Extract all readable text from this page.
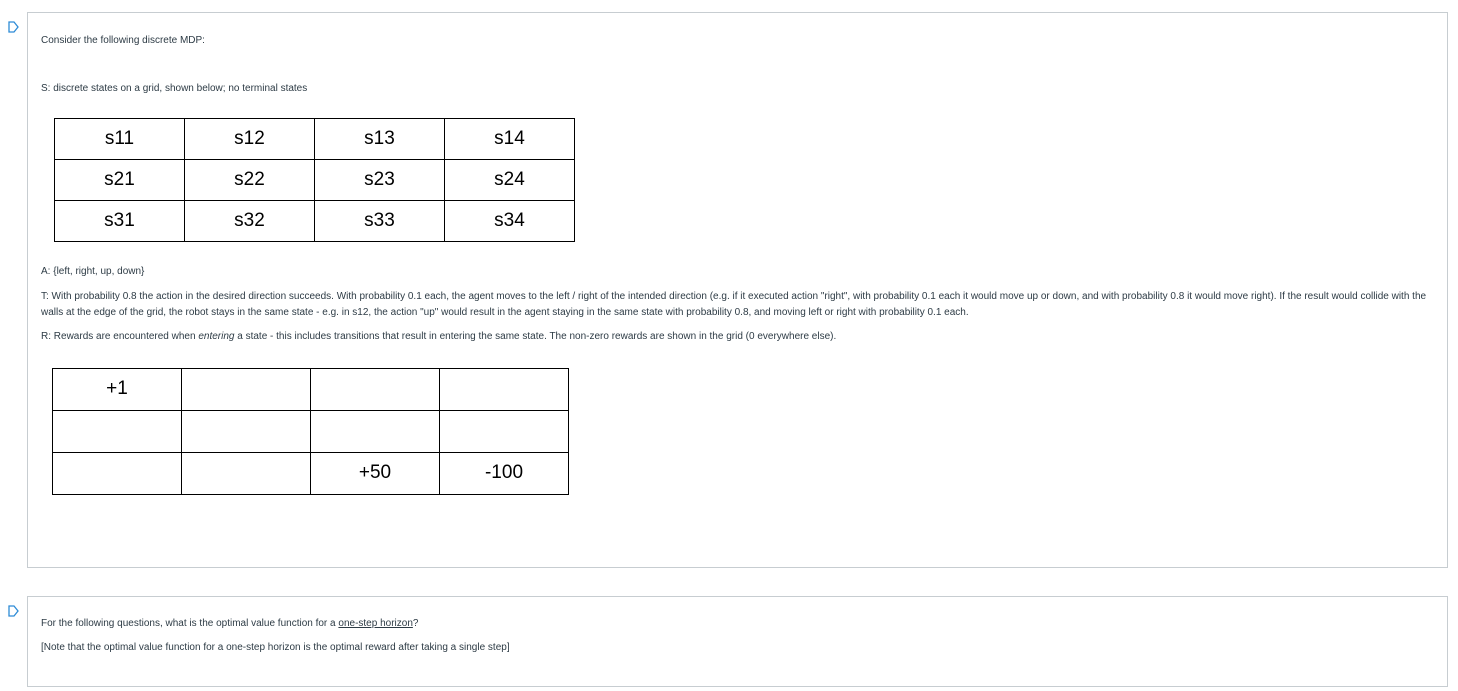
Consider the following discrete MDP:
S: discrete states on a grid, shown below; no terminal states
s11	s12	s13	s14
s21	s22	s23	s24
s31	s32	s33	s34
A: {left, right, up, down}
T: With probability 0.8 the action in the desired direction succeeds. With probability 0.1 each, the agent moves to the left / right of the intended direction (e.g. if it executed action "right", with probability 0.1 each it would move up or down, and with probability 0.8 it would move right). If the result would collide with the walls at the edge of the grid, the robot stays in the same state - e.g. in s12, the action "up" would result in the agent staying in the same state with probability 0.8, and moving left or right with probability 0.1 each.
R: Rewards are encountered when entering a state - this includes transitions that result in entering the same state. The non-zero rewards are shown in the grid (0 everywhere else).
+1			

		+50	-100
For the following questions, what is the optimal value function for a one-step horizon?
[Note that the optimal value function for a one-step horizon is the optimal reward after taking a single step]
